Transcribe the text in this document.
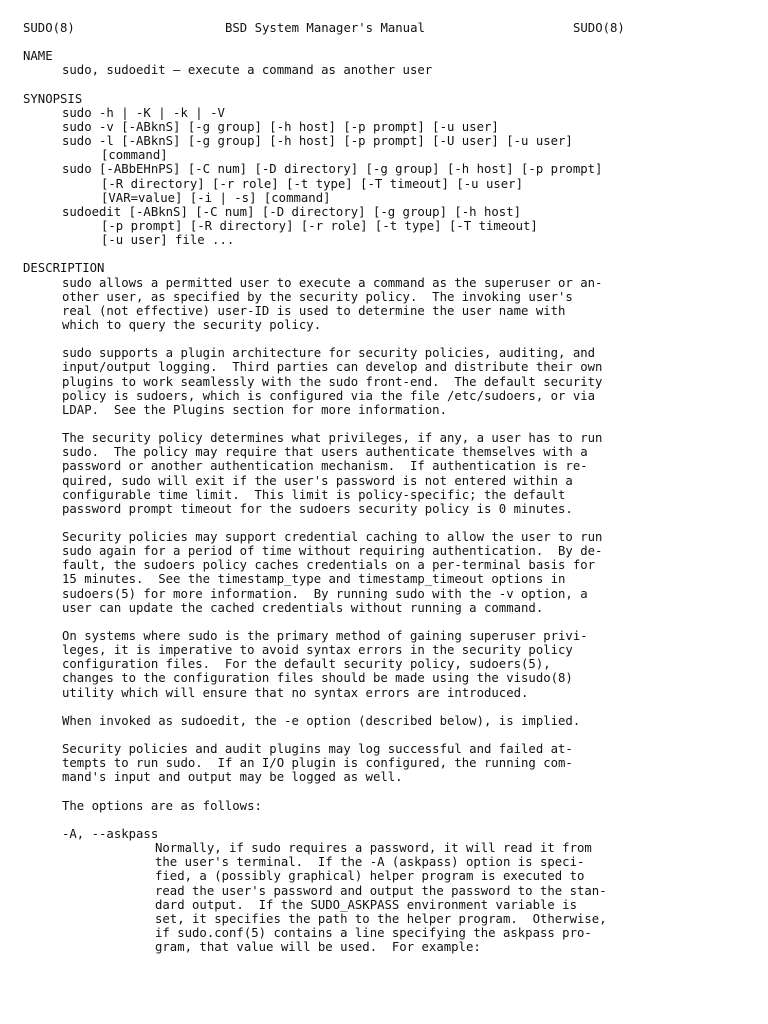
SUDO(8)

	BSD System Manager's Manual

	SUDO(8)

NAME
sudo, sudoedit — execute a command as another user
SYNOPSIS
sudo -h | -K | -k | -V
sudo -v [-ABknS] [-g group] [-h host] [-p prompt] [-u user]
sudo -l [-ABknS] [-g group] [-h host] [-p prompt] [-U user] [-u user]
[command]
sudo [-ABbEHnPS] [-C num] [-D directory] [-g group] [-h host] [-p prompt]
[-R directory] [-r role] [-t type] [-T timeout] [-u user]
[VAR=value] [-i | -s] [command]
sudoedit [-ABknS] [-C num] [-D directory] [-g group] [-h host]
[-p prompt] [-R directory] [-r role] [-t type] [-T timeout]
[-u user] file ...
DESCRIPTION
sudo allows a permitted user to execute a command as the superuser or an-
other user, as specified by the security policy.  The invoking user's
real (not effective) user-ID is used to determine the user name with
which to query the security policy.
sudo supports a plugin architecture for security policies, auditing, and
input/output logging.  Third parties can develop and distribute their own
plugins to work seamlessly with the sudo front-end.  The default security
policy is sudoers, which is configured via the file /etc/sudoers, or via
LDAP.  See the Plugins section for more information.
The security policy determines what privileges, if any, a user has to run
sudo.  The policy may require that users authenticate themselves with a
password or another authentication mechanism.  If authentication is re-
quired, sudo will exit if the user's password is not entered within a
configurable time limit.  This limit is policy-specific; the default
password prompt timeout for the sudoers security policy is 0 minutes.
Security policies may support credential caching to allow the user to run
sudo again for a period of time without requiring authentication.  By de-
fault, the sudoers policy caches credentials on a per-terminal basis for
15 minutes.  See the timestamp_type and timestamp_timeout options in
sudoers(5) for more information.  By running sudo with the -v option, a
user can update the cached credentials without running a command.
On systems where sudo is the primary method of gaining superuser privi-
leges, it is imperative to avoid syntax errors in the security policy
configuration files.  For the default security policy, sudoers(5),
changes to the configuration files should be made using the visudo(8)
utility which will ensure that no syntax errors are introduced.
When invoked as sudoedit, the -e option (described below), is implied.
Security policies and audit plugins may log successful and failed at-
tempts to run sudo.  If an I/O plugin is configured, the running com-
mand's input and output may be logged as well.
The options are as follows:
-A, --askpass
Normally, if sudo requires a password, it will read it from
the user's terminal.  If the -A (askpass) option is speci-
fied, a (possibly graphical) helper program is executed to
read the user's password and output the password to the stan-
dard output.  If the SUDO_ASKPASS environment variable is
set, it specifies the path to the helper program.  Otherwise,
if sudo.conf(5) contains a line specifying the askpass pro-
gram, that value will be used.  For example:
